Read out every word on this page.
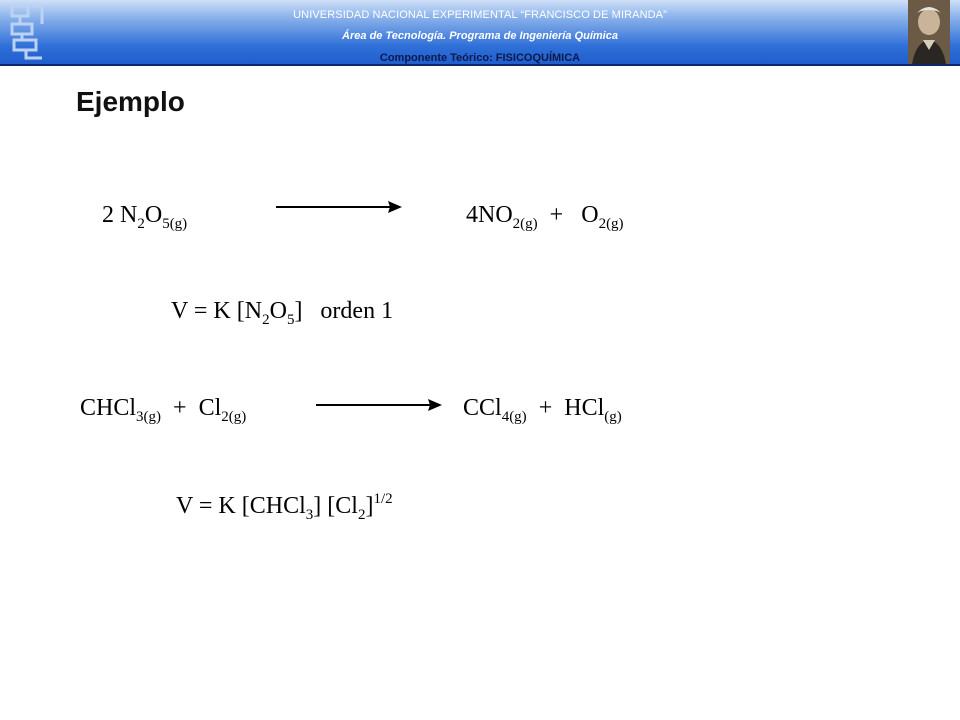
UNIVERSIDAD NACIONAL EXPERIMENTAL “FRANCISCO DE MIRANDA”
Área de Tecnología. Programa de Ingeniería Química
Componente Teórico: FISICOQUÍMICA
Ejemplo
2 $N_2O_{5(g)}$	$4NO_{2(g)} + O_{2(g)}$
V = K $[N_2O_5]$   orden 1
CHCl$_{3(g)}$ + $Cl_{2(g)}$	CCl$_{4(g)}$ + HCl$_{(g)}$
V = K [CHCl$_3$] $[Cl_2]^{1/2}$
